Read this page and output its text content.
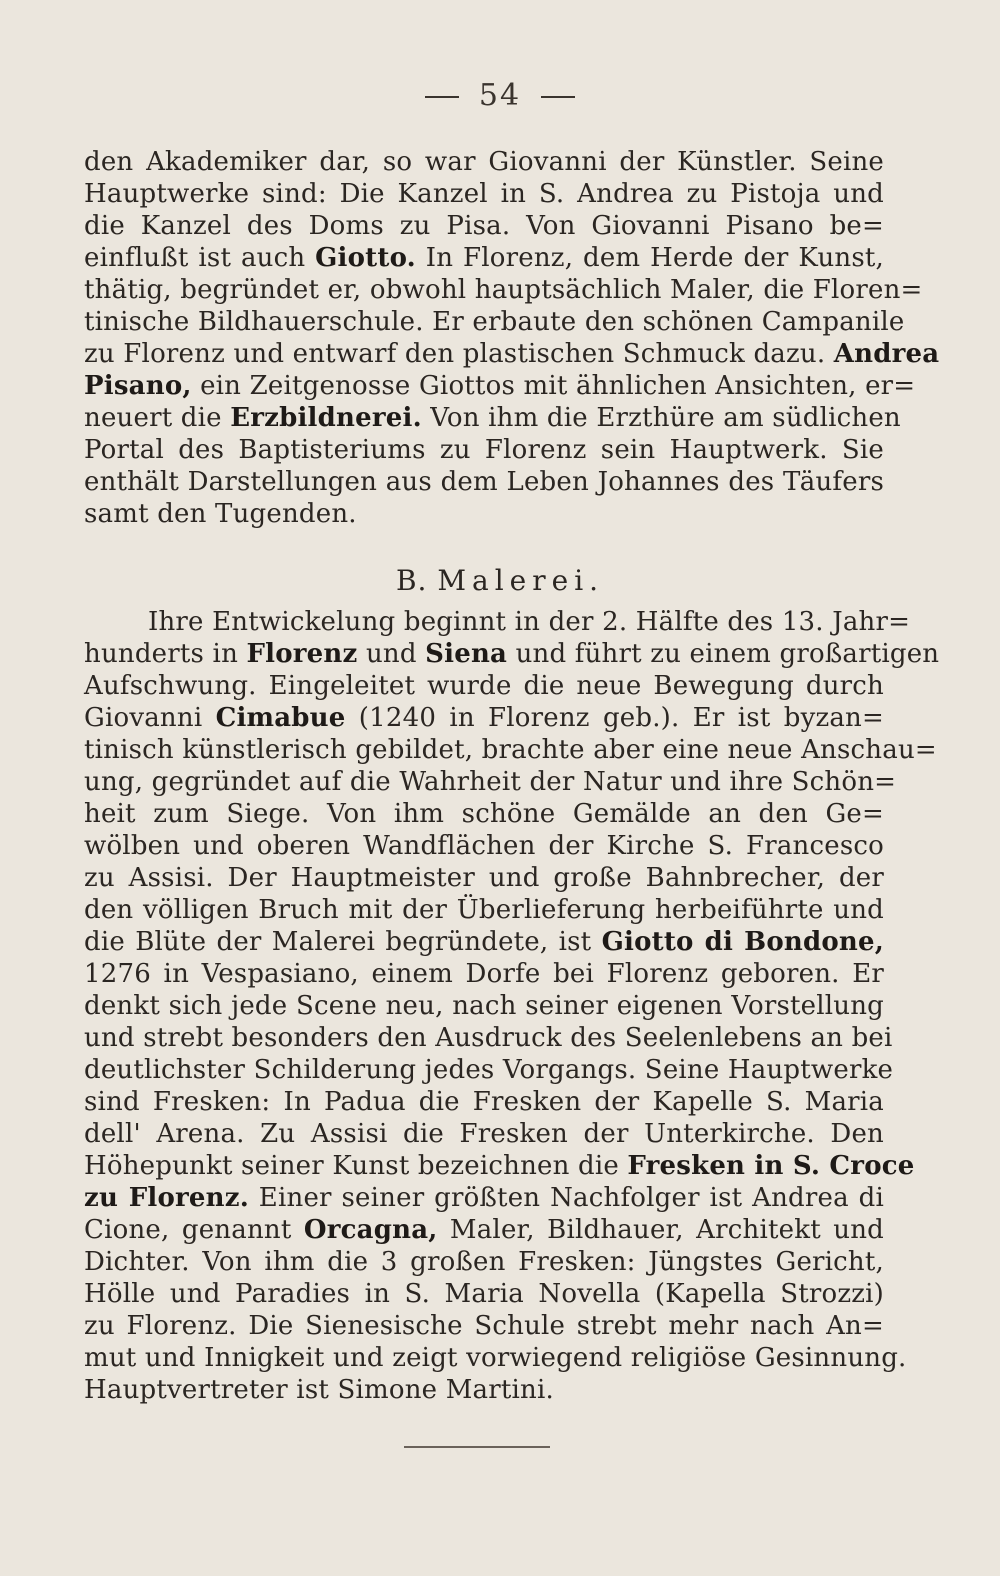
54
den Akademiker dar, so war Giovanni der Künstler. Seine
Hauptwerke sind: Die Kanzel in S. Andrea zu Pistoja und
die Kanzel des Doms zu Pisa. Von Giovanni Pisano be=
einflußt ist auch Giotto. In Florenz, dem Herde der Kunst,
thätig, begründet er, obwohl hauptsächlich Maler, die Floren=
tinische Bildhauerschule. Er erbaute den schönen Campanile
zu Florenz und entwarf den plastischen Schmuck dazu. Andrea
Pisano, ein Zeitgenosse Giottos mit ähnlichen Ansichten, er=
neuert die Erzbildnerei. Von ihm die Erzthüre am südlichen
Portal des Baptisteriums zu Florenz sein Hauptwerk. Sie
enthält Darstellungen aus dem Leben Johannes des Täufers
samt den Tugenden.
B. Malerei.
Ihre Entwickelung beginnt in der 2. Hälfte des 13. Jahr=
hunderts in Florenz und Siena und führt zu einem großartigen
Aufschwung. Eingeleitet wurde die neue Bewegung durch
Giovanni Cimabue (1240 in Florenz geb.). Er ist byzan=
tinisch künstlerisch gebildet, brachte aber eine neue Anschau=
ung, gegründet auf die Wahrheit der Natur und ihre Schön=
heit zum Siege. Von ihm schöne Gemälde an den Ge=
wölben und oberen Wandflächen der Kirche S. Francesco
zu Assisi. Der Hauptmeister und große Bahnbrecher, der
den völligen Bruch mit der Überlieferung herbeiführte und
die Blüte der Malerei begründete, ist Giotto di Bondone,
1276 in Vespasiano, einem Dorfe bei Florenz geboren. Er
denkt sich jede Scene neu, nach seiner eigenen Vorstellung
und strebt besonders den Ausdruck des Seelenlebens an bei
deutlichster Schilderung jedes Vorgangs. Seine Hauptwerke
sind Fresken: In Padua die Fresken der Kapelle S. Maria
dell' Arena. Zu Assisi die Fresken der Unterkirche. Den
Höhepunkt seiner Kunst bezeichnen die Fresken in S. Croce
zu Florenz. Einer seiner größten Nachfolger ist Andrea di
Cione, genannt Orcagna, Maler, Bildhauer, Architekt und
Dichter. Von ihm die 3 großen Fresken: Jüngstes Gericht,
Hölle und Paradies in S. Maria Novella (Kapella Strozzi)
zu Florenz. Die Sienesische Schule strebt mehr nach An=
mut und Innigkeit und zeigt vorwiegend religiöse Gesinnung.
Hauptvertreter ist Simone Martini.
